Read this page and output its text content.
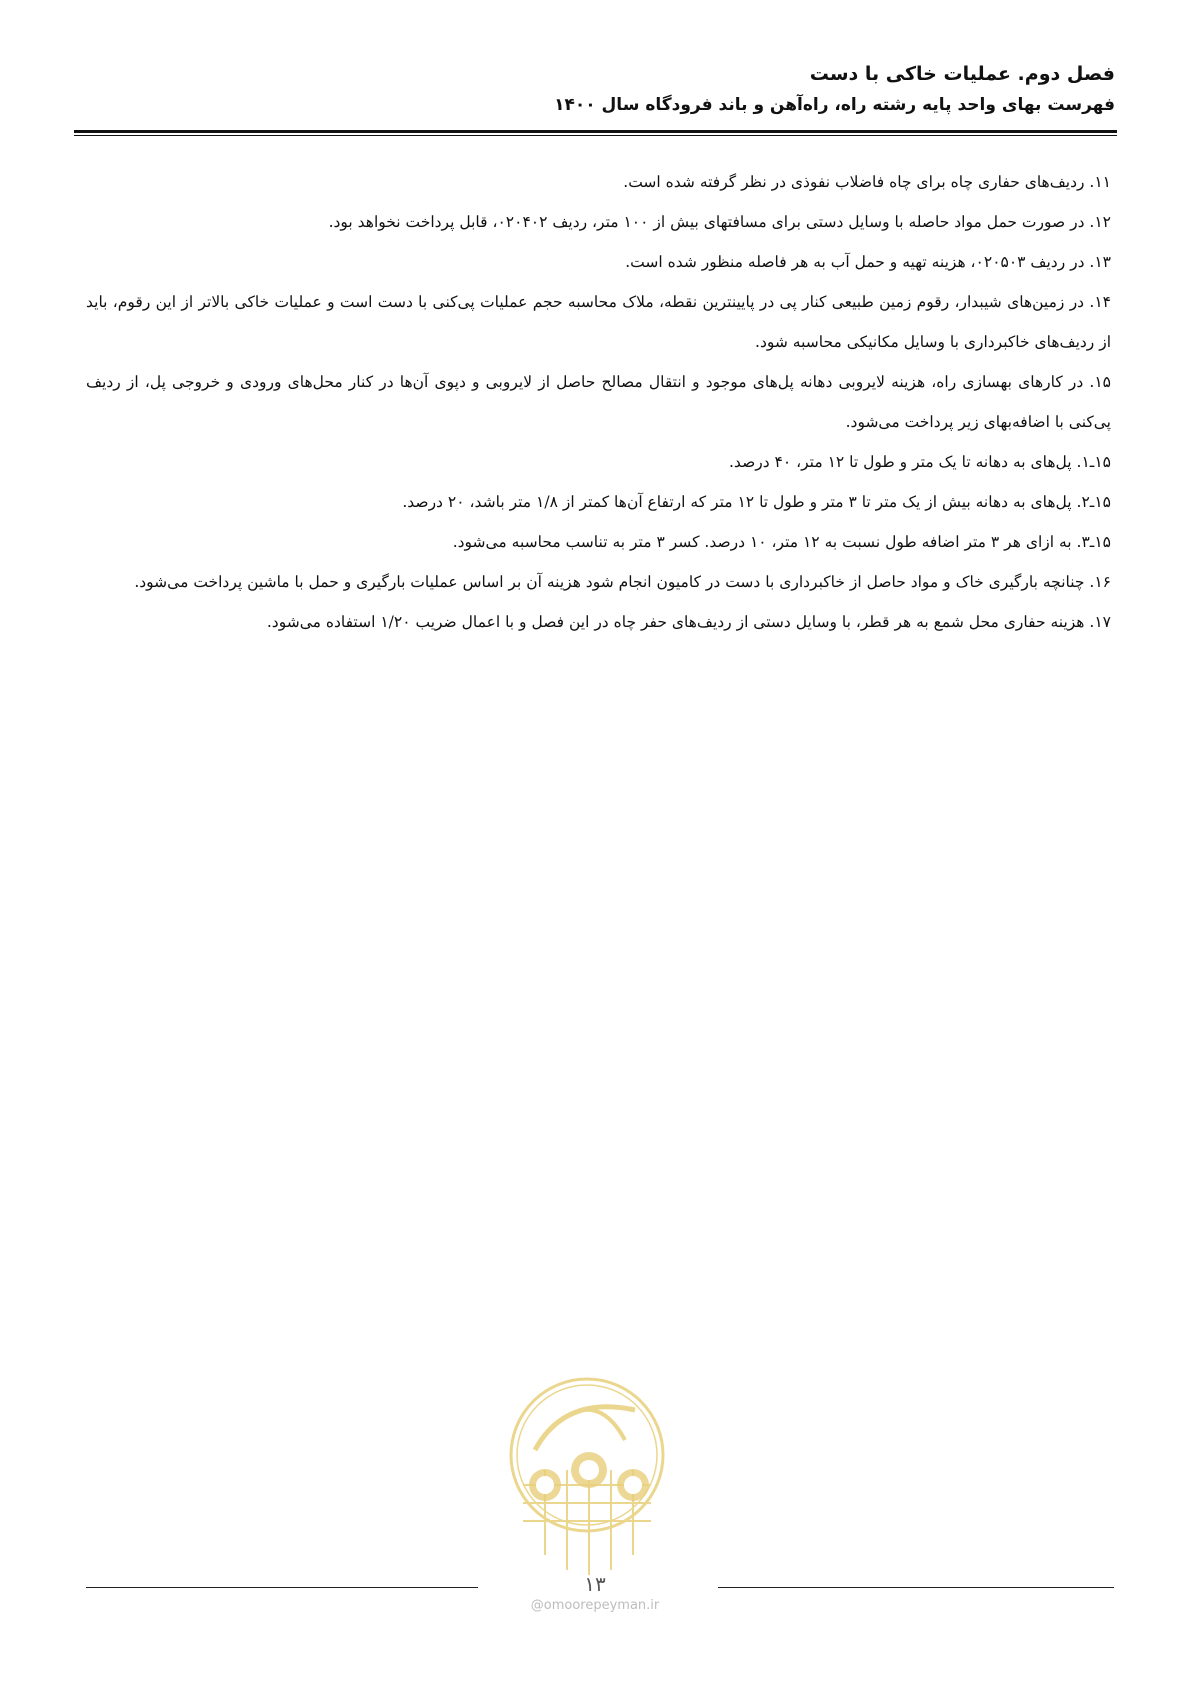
فصل دوم. عملیات خاکی با دست
فهرست بهای واحد پایه رشته راه، راه‌آهن و باند فرودگاه سال ۱۴۰۰

۱۱. ردیف‌های حفاری چاه برای چاه فاضلاب نفوذی در نظر گرفته شده است.

۱۲. در صورت حمل مواد حاصله با وسایل دستی برای مسافتهای بیش از ۱۰۰ متر، ردیف ۰۲۰۴۰۲، قابل پرداخت نخواهد بود.

۱۳. در ردیف ۰۲۰۵۰۳، هزینه تهیه و حمل آب به هر فاصله منظور شده است.

۱۴. در زمین‌های شیبدار، رقوم زمین طبیعی کنار پی در پایینترین نقطه، ملاک محاسبه حجم عملیات پی‌کنی با دست است و عملیات خاکی بالاتر از این رقوم، باید از ردیف‌های خاکبرداری با وسایل مکانیکی محاسبه شود.

۱۵. در کارهای بهسازی راه، هزینه لایروبی دهانه پل‌های موجود و انتقال مصالح حاصل از لایروبی و دپوی آن‌ها در کنار محل‌های ورودی و خروجی پل، از ردیف پی‌کنی با اضافه‌بهای زیر پرداخت می‌شود.

۱۵ـ۱. پل‌های به دهانه تا یک متر و طول تا ۱۲ متر، ۴۰ درصد.

۱۵ـ۲. پل‌های به دهانه بیش از یک متر تا ۳ متر و طول تا ۱۲ متر که ارتفاع آن‌ها کمتر از ۱/۸ متر باشد، ۲۰ درصد.

۱۵ـ۳. به ازای هر ۳ متر اضافه طول نسبت به ۱۲ متر، ۱۰ درصد. کسر ۳ متر به تناسب محاسبه می‌شود.

۱۶. چنانچه بارگیری خاک و مواد حاصل از خاکبرداری با دست در کامیون انجام شود هزینه آن بر اساس عملیات بارگیری و حمل با ماشین پرداخت می‌شود.

۱۷. هزینه حفاری محل شمع به هر قطر، با وسایل دستی از ردیف‌های حفر چاه در این فصل و با اعمال ضریب ۱/۲۰ استفاده می‌شود.

۱۳
@omoorepeyman.ir
